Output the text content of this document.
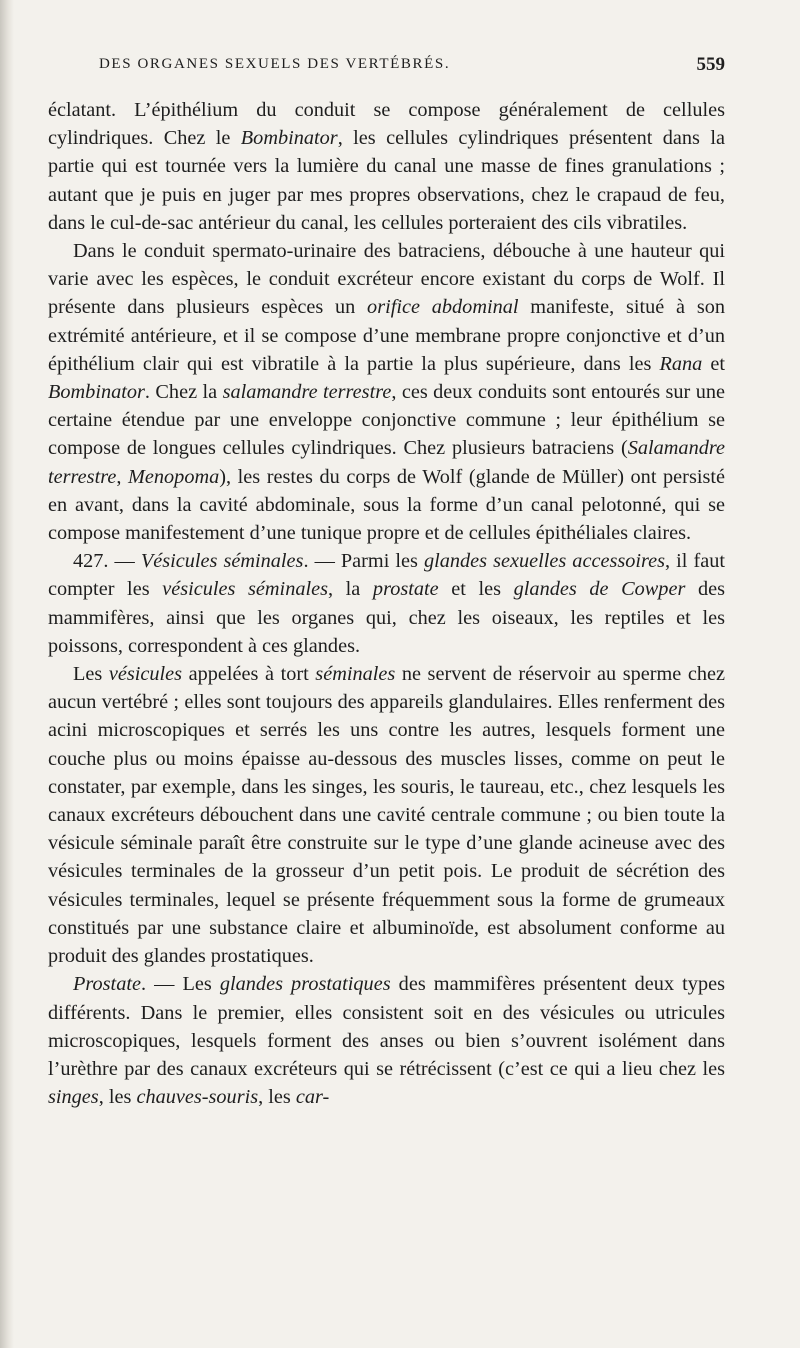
DES ORGANES SEXUELS DES VERTÉBRÉS.	559

éclatant. L’épithélium du conduit se compose généralement de cellules cylindriques. Chez le Bombinator, les cellules cylindriques présentent dans la partie qui est tournée vers la lumière du canal une masse de fines granulations ; autant que je puis en juger par mes propres observations, chez le crapaud de feu, dans le cul-de-sac antérieur du canal, les cellules porteraient des cils vibratiles.

Dans le conduit spermato-urinaire des batraciens, débouche à une hauteur qui varie avec les espèces, le conduit excréteur encore existant du corps de Wolf. Il présente dans plusieurs espèces un orifice abdominal manifeste, situé à son extrémité antérieure, et il se compose d’une membrane propre conjonctive et d’un épithélium clair qui est vibratile à la partie la plus supérieure, dans les Rana et Bombinator. Chez la salamandre terrestre, ces deux conduits sont entourés sur une certaine étendue par une enveloppe conjonctive commune ; leur épithélium se compose de longues cellules cylindriques. Chez plusieurs batraciens (Salamandre terrestre, Menopoma), les restes du corps de Wolf (glande de Müller) ont persisté en avant, dans la cavité abdominale, sous la forme d’un canal pelotonné, qui se compose manifestement d’une tunique propre et de cellules épithéliales claires.

427. — Vésicules séminales. — Parmi les glandes sexuelles accessoires, il faut compter les vésicules séminales, la prostate et les glandes de Cowper des mammifères, ainsi que les organes qui, chez les oiseaux, les reptiles et les poissons, correspondent à ces glandes.

Les vésicules appelées à tort séminales ne servent de réservoir au sperme chez aucun vertébré ; elles sont toujours des appareils glandulaires. Elles renferment des acini microscopiques et serrés les uns contre les autres, lesquels forment une couche plus ou moins épaisse au-dessous des muscles lisses, comme on peut le constater, par exemple, dans les singes, les souris, le taureau, etc., chez lesquels les canaux excréteurs débouchent dans une cavité centrale commune ; ou bien toute la vésicule séminale paraît être construite sur le type d’une glande acineuse avec des vésicules terminales de la grosseur d’un petit pois. Le produit de sécrétion des vésicules terminales, lequel se présente fréquemment sous la forme de grumeaux constitués par une substance claire et albuminoïde, est absolument conforme au produit des glandes prostatiques.

Prostate. — Les glandes prostatiques des mammifères présentent deux types différents. Dans le premier, elles consistent soit en des vésicules ou utricules microscopiques, lesquels forment des anses ou bien s’ouvrent isolément dans l’urèthre par des canaux excréteurs qui se rétrécissent (c’est ce qui a lieu chez les singes, les chauves-souris, les car-
